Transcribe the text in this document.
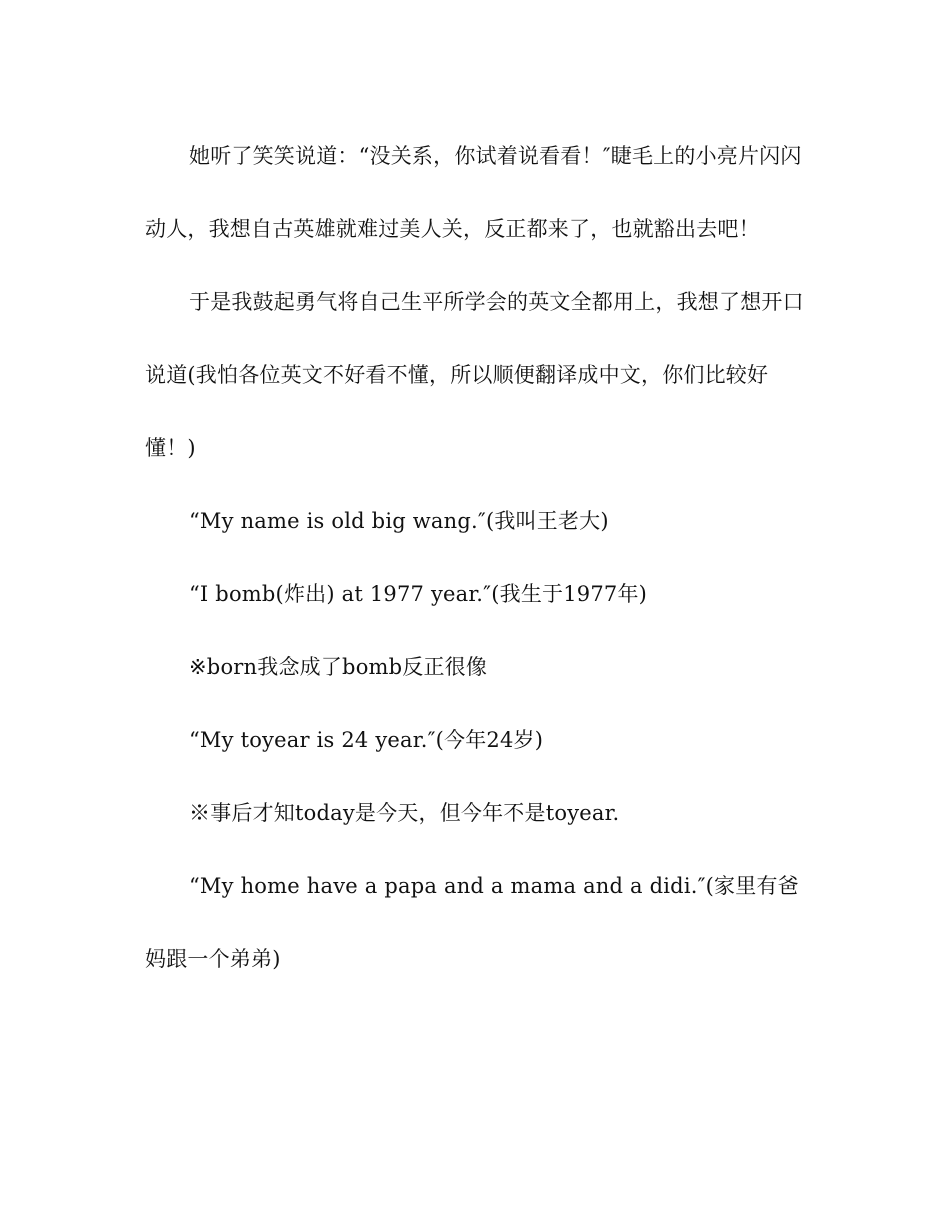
她听了笑笑说道：“没关系，你试着说看看！″睫毛上的小亮片闪闪动人，我想自古英雄就难过美人关，反正都来了，也就豁出去吧！

于是我鼓起勇气将自己生平所学会的英文全都用上，我想了想开口说道(我怕各位英文不好看不懂，所以顺便翻译成中文，你们比较好懂！)

“My name is old big wang.″(我叫王老大)

“I bomb(炸出) at 1977 year.″(我生于1977年)

※born我念成了bomb反正很像

“My toyear is 24 year.″(今年24岁)

※事后才知today是今天，但今年不是toyear.

“My home have a papa and a mama and a didi.″(家里有爸妈跟一个弟弟)
